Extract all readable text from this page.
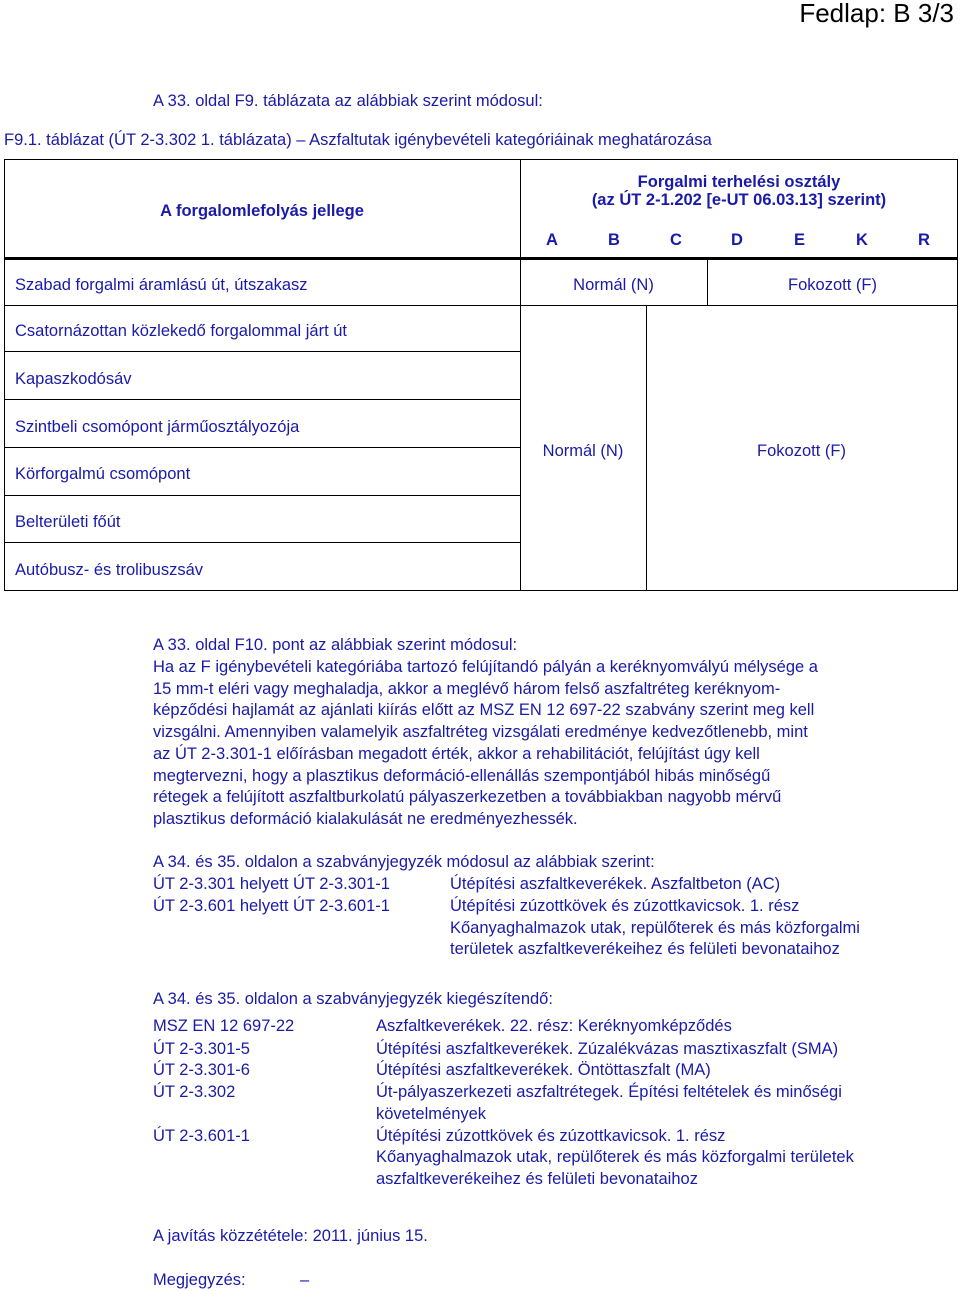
Fedlap: B 3/3
A 33. oldal F9. táblázata az alábbiak szerint módosul:
F9.1. táblázat (ÚT 2-3.302 1. táblázata) – Aszfaltutak igénybevételi kategóriáinak meghatározása
A forgalomlefolyás jellege
Forgalmi terhelési osztály
(az ÚT 2-1.202 [e-UT 06.03.13] szerint)
A	B	C	D	E	K	R
Szabad forgalmi áramlású út, útszakasz	Normál (N)	Fokozott (F)
Csatornázottan közlekedő forgalommal járt út
Kapaszkodósáv
Szintbeli csomópont járműosztályozója
Körforgalmú csomópont
Belterületi főút
Autóbusz- és trolibuszsáv
Normál (N)	Fokozott (F)
A 33. oldal F10. pont az alábbiak szerint módosul:
Ha az F igénybevételi kategóriába tartozó felújítandó pályán a keréknyomvályú mélysége a
15 mm-t eléri vagy meghaladja, akkor a meglévő három felső aszfaltréteg keréknyom-
képződési hajlamát az ajánlati kiírás előtt az MSZ EN 12 697-22 szabvány szerint meg kell
vizsgálni. Amennyiben valamelyik aszfaltréteg vizsgálati eredménye kedvezőtlenebb, mint
az ÚT 2-3.301-1 előírásban megadott érték, akkor a rehabilitációt, felújítást úgy kell
megtervezni, hogy a plasztikus deformáció-ellenállás szempontjából hibás minőségű
rétegek a felújított aszfaltburkolatú pályaszerkezetben a továbbiakban nagyobb mérvű
plasztikus deformáció kialakulását ne eredményezhessék.
A 34. és 35. oldalon a szabványjegyzék módosul az alábbiak szerint:
ÚT 2-3.301 helyett ÚT 2-3.301-1	Útépítési aszfaltkeverékek. Aszfaltbeton (AC)
ÚT 2-3.601 helyett ÚT 2-3.601-1	Útépítési zúzottkövek és zúzottkavicsok. 1. rész
Kőanyaghalmazok utak, repülőterek és más közforgalmi
területek aszfaltkeverékeihez és felületi bevonataihoz
A 34. és 35. oldalon a szabványjegyzék kiegészítendő:
MSZ EN 12 697-22	Aszfaltkeverékek. 22. rész: Keréknyomképződés
ÚT 2-3.301-5	Útépítési aszfaltkeverékek. Zúzalékvázas masztixaszfalt (SMA)
ÚT 2-3.301-6	Útépítési aszfaltkeverékek. Öntöttaszfalt (MA)
ÚT 2-3.302	Út-pályaszerkezeti aszfaltrétegek. Építési feltételek és minőségi
követelmények
ÚT 2-3.601-1	Útépítési zúzottkövek és zúzottkavicsok. 1. rész
Kőanyaghalmazok utak, repülőterek és más közforgalmi területek
aszfaltkeverékeihez és felületi bevonataihoz
A javítás közzététele: 2011. június 15.
Megjegyzés:	–
